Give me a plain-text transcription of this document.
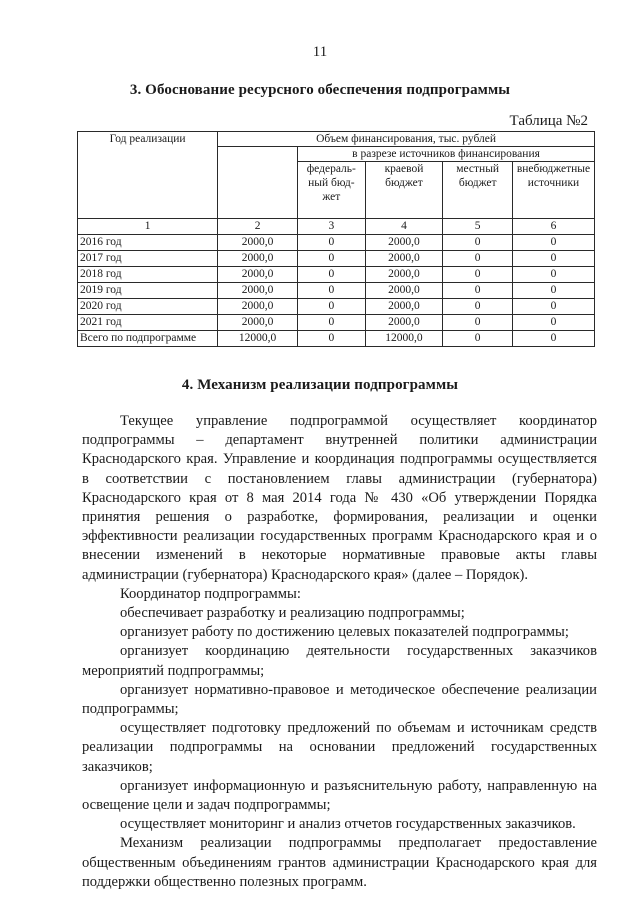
11
3. Обоснование ресурсного обеспечения подпрограммы
Таблица №2
Год реализации	Объем финансирования, тыс. рублей				
		в разрезе источников финансирования			
		федераль-ный бюд-жет	краевой бюджет	местный бюджет	внебюджетные источники
1	2	3	4	5	6
2016 год	2000,0	0	2000,0	0	0
2017 год	2000,0	0	2000,0	0	0
2018 год	2000,0	0	2000,0	0	0
2019 год	2000,0	0	2000,0	0	0
2020 год	2000,0	0	2000,0	0	0
2021 год	2000,0	0	2000,0	0	0
Всего по подпрограмме	12000,0	0	12000,0	0	0
4. Механизм реализации подпрограммы

Текущее управление подпрограммой осуществляет координатор подпрограммы – департамент внутренней политики администрации Краснодарского края. Управление и координация подпрограммы осуществляется в соответствии с постановлением главы администрации (губернатора) Краснодарского края от 8 мая 2014 года № 430 «Об утверждении Порядка принятия решения о разработке, формирования, реализации и оценки эффективности реализации государственных программ Краснодарского края и о внесении изменений в некоторые нормативные правовые акты главы администрации (губернатора) Краснодарского края» (далее – Порядок).

Координатор подпрограммы:

обеспечивает разработку и реализацию подпрограммы;

организует работу по достижению целевых показателей подпрограммы;

организует координацию деятельности государственных заказчиков мероприятий подпрограммы;

организует нормативно-правовое и методическое обеспечение реализации подпрограммы;

осуществляет подготовку предложений по объемам и источникам средств реализации подпрограммы на основании предложений государственных заказчиков;

организует информационную и разъяснительную работу, направленную на освещение цели и задач подпрограммы;

осуществляет мониторинг и анализ отчетов государственных заказчиков.

Механизм реализации подпрограммы предполагает предоставление общественным объединениям грантов администрации Краснодарского края для поддержки общественно полезных программ.
